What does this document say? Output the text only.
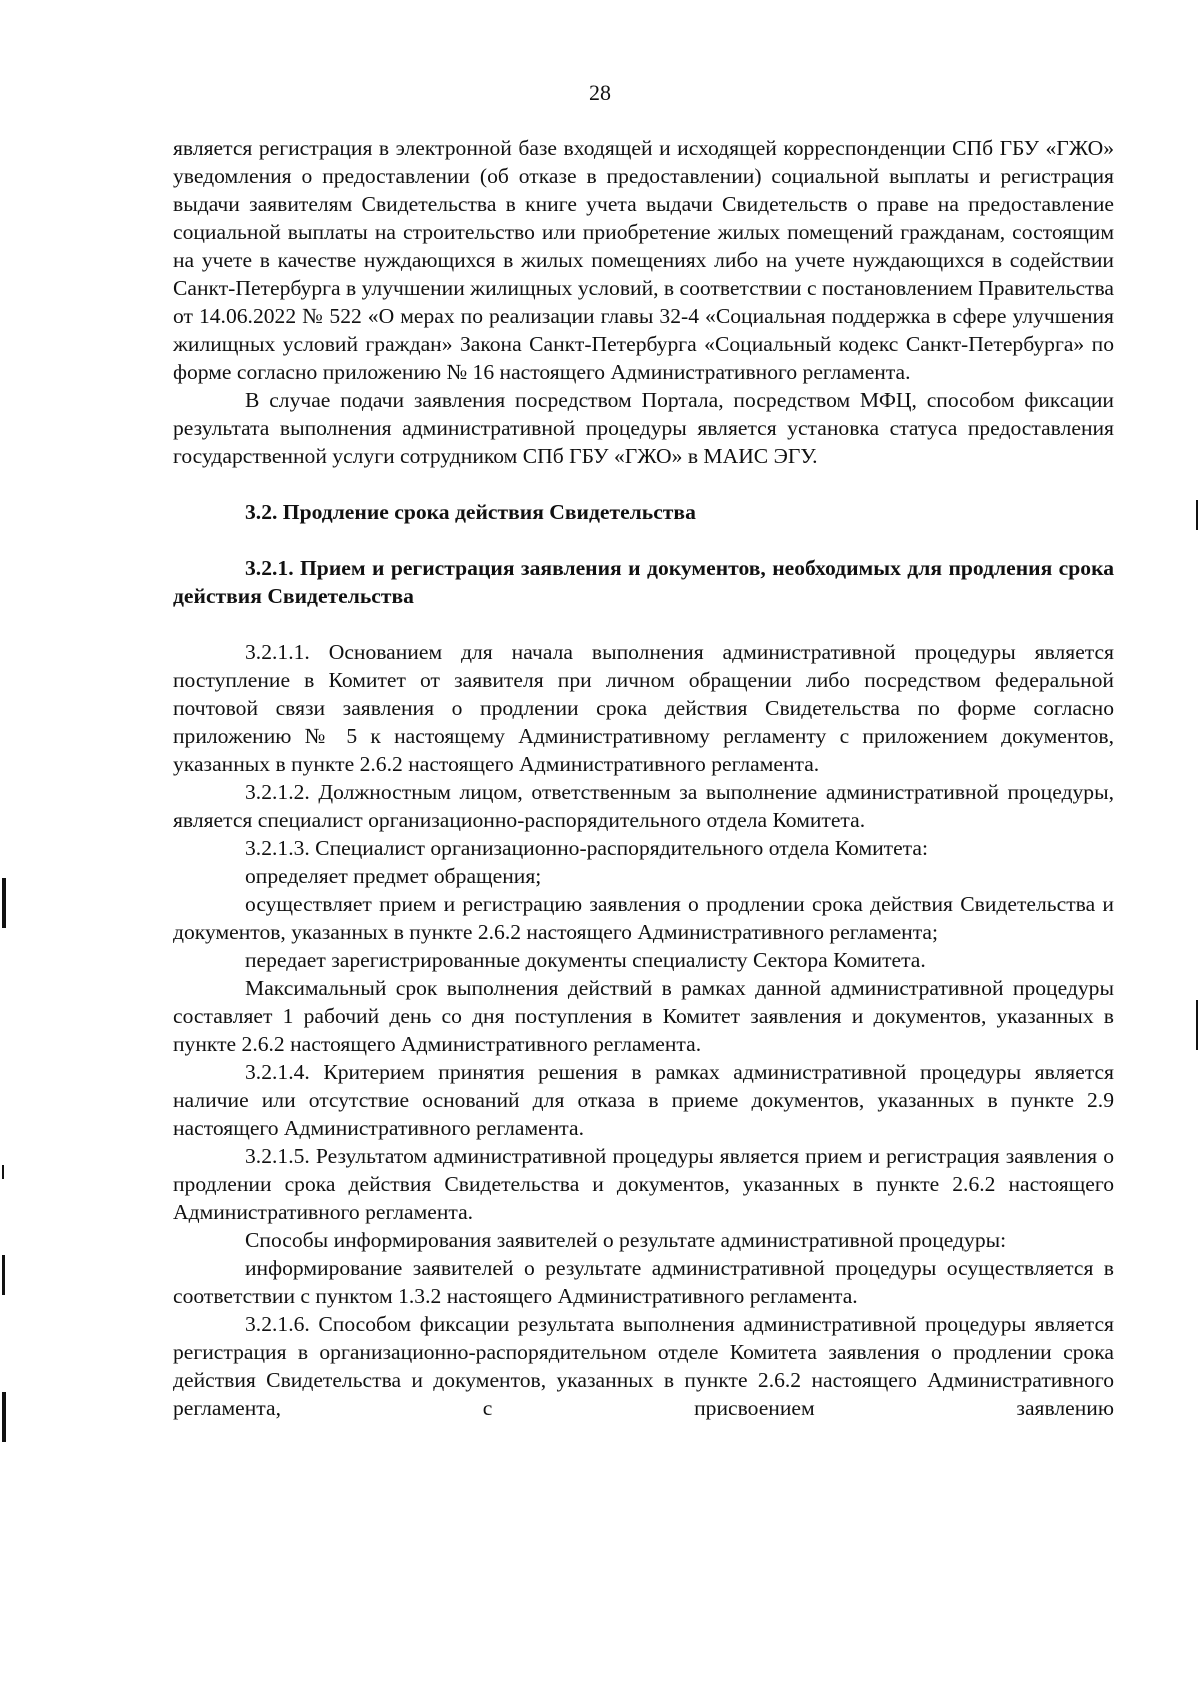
28

является регистрация в электронной базе входящей и исходящей корреспонденции СПб ГБУ «ГЖО» уведомления о предоставлении (об отказе в предоставлении) социальной выплаты и регистрация выдачи заявителям Свидетельства в книге учета выдачи Свидетельств о праве на предоставление социальной выплаты на строительство или приобретение жилых помещений гражданам, состоящим на учете в качестве нуждающихся в жилых помещениях либо на учете нуждающихся в содействии Санкт-Петербурга в улучшении жилищных условий, в соответствии с постановлением Правительства от 14.06.2022 № 522 «О мерах по реализации главы 32-4 «Социальная поддержка в сфере улучшения жилищных условий граждан» Закона Санкт-Петербурга «Социальный кодекс Санкт-Петербурга» по форме согласно приложению № 16 настоящего Административного регламента.

В случае подачи заявления посредством Портала, посредством МФЦ, способом фиксации результата выполнения административной процедуры является установка статуса предоставления государственной услуги сотрудником СПб ГБУ «ГЖО» в МАИС ЭГУ.

3.2. Продление срока действия Свидетельства

3.2.1. Прием и регистрация заявления и документов, необходимых для продления срока действия Свидетельства

3.2.1.1. Основанием для начала выполнения административной процедуры является поступление в Комитет от заявителя при личном обращении либо посредством федеральной почтовой связи заявления о продлении срока действия Свидетельства по форме согласно приложению № 5 к настоящему Административному регламенту с приложением документов, указанных в пункте 2.6.2 настоящего Административного регламента.

3.2.1.2. Должностным лицом, ответственным за выполнение административной процедуры, является специалист организационно-распорядительного отдела Комитета.

3.2.1.3. Специалист организационно-распорядительного отдела Комитета:

определяет предмет обращения;

осуществляет прием и регистрацию заявления о продлении срока действия Свидетельства и документов, указанных в пункте 2.6.2 настоящего Административного регламента;

передает зарегистрированные документы специалисту Сектора Комитета.

Максимальный срок выполнения действий в рамках данной административной процедуры составляет 1 рабочий день со дня поступления в Комитет заявления и документов, указанных в пункте 2.6.2 настоящего Административного регламента.

3.2.1.4. Критерием принятия решения в рамках административной процедуры является наличие или отсутствие оснований для отказа в приеме документов, указанных в пункте 2.9 настоящего Административного регламента.

3.2.1.5. Результатом административной процедуры является прием и регистрация заявления о продлении срока действия Свидетельства и документов, указанных в пункте 2.6.2 настоящего Административного регламента.

Способы информирования заявителей о результате административной процедуры:

информирование заявителей о результате административной процедуры осуществляется в соответствии с пунктом 1.3.2 настоящего Административного регламента.

3.2.1.6. Способом фиксации результата выполнения административной процедуры является регистрация в организационно-распорядительном отделе Комитета заявления о продлении срока действия Свидетельства и документов, указанных в пункте 2.6.2 настоящего Административного регламента, с присвоением заявлению
